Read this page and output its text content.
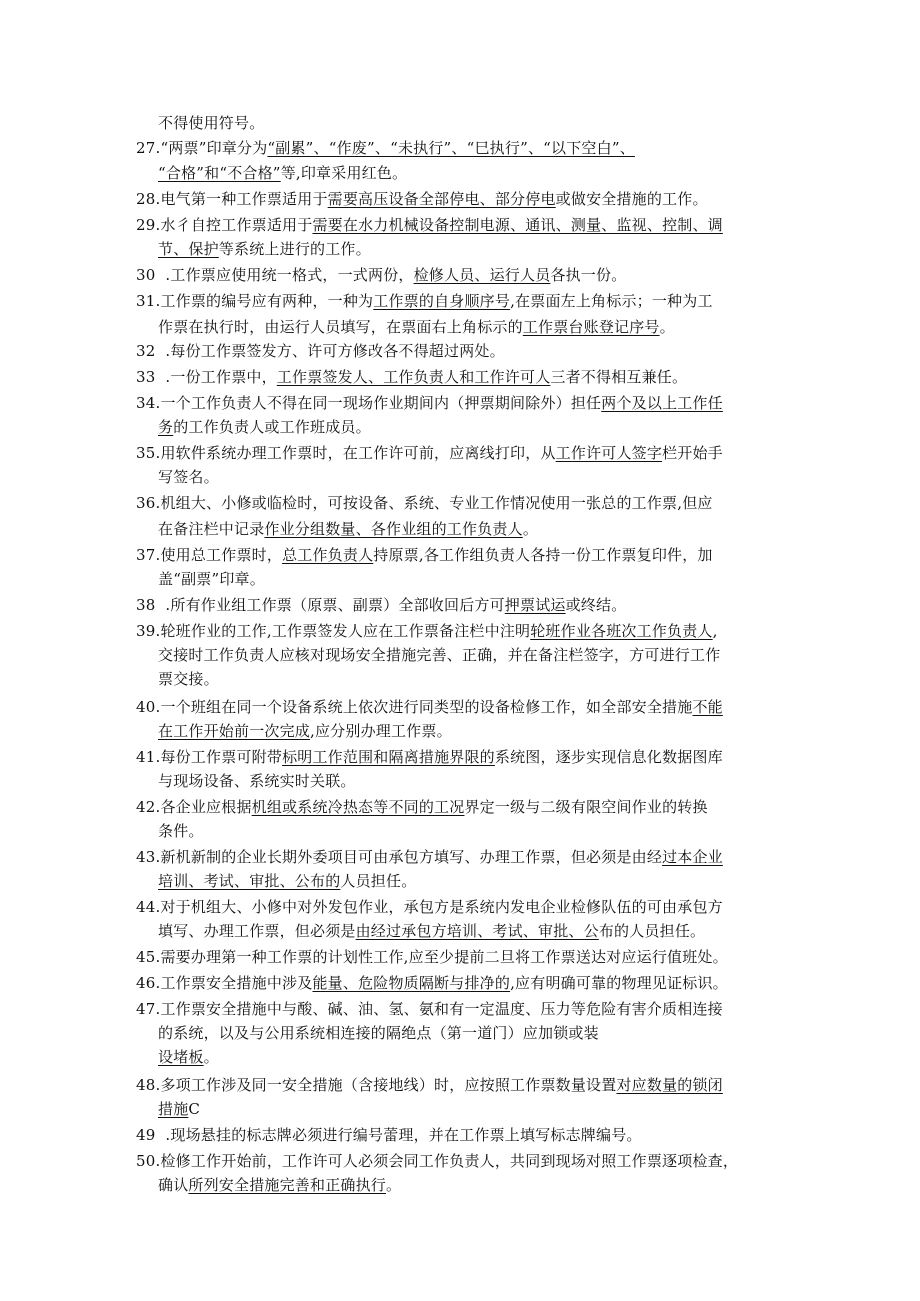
不得使用符号。
27.“两票”印章分为“副累”、“作废”、“未执行”、“巳执行”、“以下空白”、
“合格”和“不合格”等,印章采用红色。
28.电气第一种工作票适用于需要高压设备全部停电、部分停电或做安全措施的工作。
29.水彳自控工作票适用于需要在水力机械设备控制电源、通讯、测量、监视、控制、调
节、保护等系统上进行的工作。
30  .工作票应使用统一格式，一式两份，检修人员、运行人员各执一份。
31.工作票的编号应有两种，一种为工作票的自身顺序号,在票面左上角标示；一种为工
作票在执行时，由运行人员填写，在票面右上角标示的工作票台账登记序号。
32  .每份工作票签发方、许可方修改各不得超过两处。
33  .一份工作票中，工作票签发人、工作负责人和工作许可人三者不得相互兼任。
34.一个工作负责人不得在同一现场作业期间内（押票期间除外）担任两个及以上工作任
务的工作负责人或工作班成员。
35.用软件系统办理工作票时，在工作许可前，应离线打印，从工作许可人签字栏开始手
写签名。
36.机组大、小修或临检时，可按设备、系统、专业工作情况使用一张总的工作票,但应
在备注栏中记录作业分组数量、各作业组的工作负责人。
37.使用总工作票时，总工作负责人持原票,各工作组负责人各持一份工作票复印件，加
盖“副票”印章。
38  .所有作业组工作票（原票、副票）全部收回后方可押票试运或终结。
39.轮班作业的工作,工作票签发人应在工作票备注栏中注明轮班作业各班次工作负责人,
交接时工作负责人应核对现场安全措施完善、正确，并在备注栏签字，方可进行工作
票交接。
40.一个班组在同一个设备系统上依次进行同类型的设备检修工作，如全部安全措施不能
在工作开始前一次完成,应分别办理工作票。
41.每份工作票可附带标明工作范围和隔离措施界限的系统图，逐步实现信息化数据图库
与现场设备、系统实时关联。
42.各企业应根据机组或系统冷热态等不同的工况界定一级与二级有限空间作业的转换
条件。
43.新机新制的企业长期外委项目可由承包方填写、办理工作票，但必须是由经过本企业
培训、考试、审批、公布的人员担任。
44.对于机组大、小修中对外发包作业，承包方是系统内发电企业检修队伍的可由承包方
填写、办理工作票，但必须是由经过承包方培训、考试、审批、公布的人员担任。
45.需要办理第一种工作票的计划性工作,应至少提前二旦将工作票送达对应运行值班处。
46.工作票安全措施中涉及能量、危险物质隔断与排净的,应有明确可靠的物理见证标识。
47.工作票安全措施中与酸、碱、油、氢、氨和有一定温度、压力等危险有害介质相连接
的系统，以及与公用系统相连接的隔绝点（第一道门）应加锁或装
设堵板。
48.多项工作涉及同一安全措施（含接地线）时，应按照工作票数量设置对应数量的锁闭
措施C
49  .现场悬挂的标志牌必须进行编号蕾理，并在工作票上填写标志牌编号。
50.检修工作开始前，工作许可人必须会同工作负责人，共同到现场对照工作票逐项检查，
确认所列安全措施完善和正确执行。
